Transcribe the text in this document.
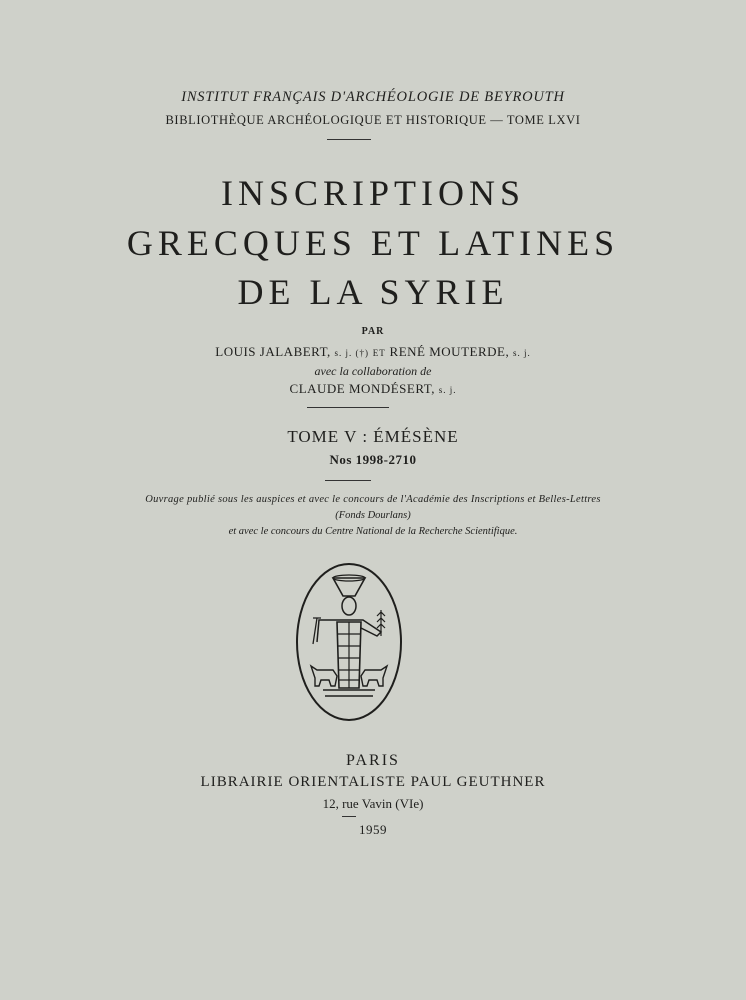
INSTITUT FRANÇAIS D'ARCHÉOLOGIE DE BEYROUTH
BIBLIOTHÈQUE ARCHÉOLOGIQUE ET HISTORIQUE — TOME LXVI
INSCRIPTIONS
GRECQUES ET LATINES
DE LA SYRIE
PAR
LOUIS JALABERT, s. j. (†) ET RENÉ MOUTERDE, s. j.
avec la collaboration de
CLAUDE MONDÉSERT, s. j.
TOME V : ÉMÉSÈNE
Nos 1998-2710
Ouvrage publié sous les auspices et avec le concours de l'Académie des Inscriptions et Belles-Lettres
(Fonds Dourlans)
et avec le concours du Centre National de la Recherche Scientifique.
PARIS
LIBRAIRIE ORIENTALISTE PAUL GEUTHNER
12, rue Vavin (VIe)
1959
